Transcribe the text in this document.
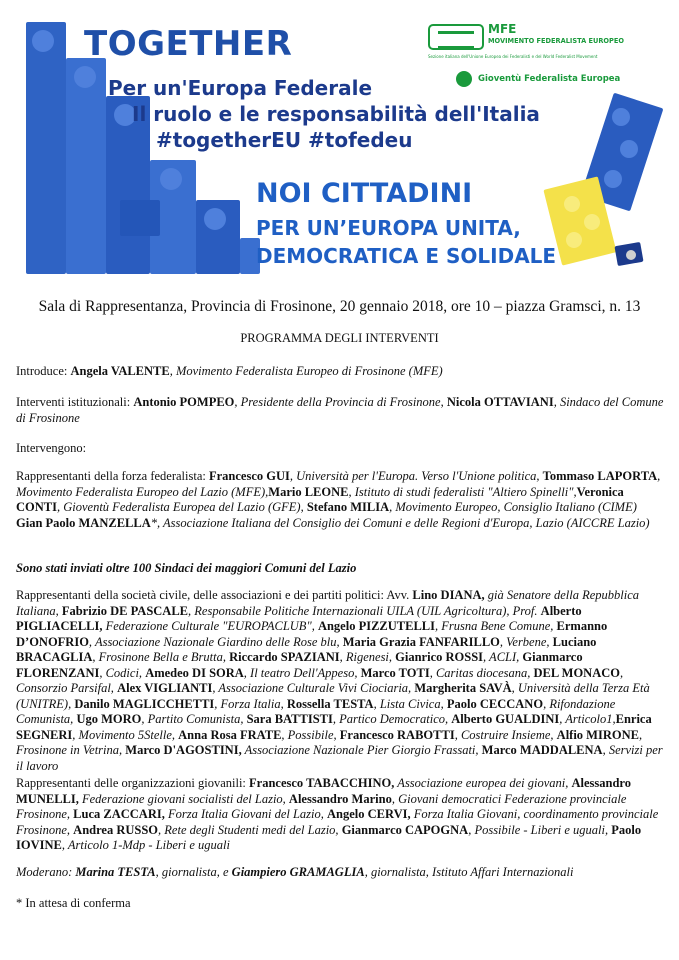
TOGETHER
Per un'Europa Federale
Il ruolo e le responsabilità dell'Italia
#togetherEU #tofedeu
NOI CITTADINI
PER UN’EUROPA UNITA,
DEMOCRATICA E SOLIDALE
MFE
MOVIMENTO FEDERALISTA EUROPEO
Sezione italiana dell'Unione Europea dei Federalisti e del World Federalist Movement
Gioventù Federalista Europea
Sala di Rappresentanza, Provincia di Frosinone, 20 gennaio 2018, ore 10 – piazza Gramsci, n. 13
PROGRAMMA DEGLI INTERVENTI
Introduce: Angela VALENTE, Movimento Federalista Europeo di Frosinone (MFE)
Interventi istituzionali: Antonio POMPEO, Presidente della Provincia di Frosinone, Nicola OTTAVIANI, Sindaco del Comune di Frosinone
Intervengono:
Rappresentanti della forza federalista: Francesco GUI, Università per l'Europa. Verso l'Unione politica, Tommaso LAPORTA, Movimento Federalista Europeo del Lazio (MFE),Mario LEONE, Istituto di studi federalisti "Altiero Spinelli",Veronica CONTI, Gioventù Federalista Europea del Lazio (GFE), Stefano MILIA, Movimento Europeo, Consiglio Italiano (CIME) Gian Paolo MANZELLA*, Associazione Italiana del Consiglio dei Comuni e delle Regioni d'Europa, Lazio (AICCRE Lazio)
Sono stati inviati oltre 100 Sindaci dei maggiori Comuni del Lazio
Rappresentanti della società civile, delle associazioni e dei partiti politici: Avv. Lino DIANA, già Senatore della Repubblica Italiana, Fabrizio DE PASCALE, Responsabile Politiche Internazionali UILA (UIL Agricoltura), Prof. Alberto PIGLIACELLI, Federazione Culturale "EUROPACLUB", Angelo PIZZUTELLI, Frusna Bene Comune, Ermanno D’ONOFRIO, Associazione Nazionale Giardino delle Rose blu, Maria Grazia FANFARILLO, Verbene, Luciano BRACAGLIA, Frosinone Bella e Brutta, Riccardo SPAZIANI, Rigenesi, Gianrico ROSSI, ACLI, Gianmarco FLORENZANI, Codici, Amedeo DI SORA, Il teatro Dell'Appeso, Marco TOTI, Caritas diocesana, DEL MONACO, Consorzio Parsifal, Alex VIGLIANTI, Associazione Culturale Vivi Ciociaria, Margherita SAVÀ, Università della Terza Età (UNITRE), Danilo MAGLICCHETTI, Forza Italia, Rossella TESTA, Lista Civica, Paolo CECCANO, Rifondazione Comunista, Ugo MORO, Partito Comunista, Sara BATTISTI, Partico Democratico, Alberto GUALDINI, Articolo1,Enrica SEGNERI, Movimento 5Stelle, Anna Rosa FRATE, Possibile, Francesco RABOTTI, Costruire Insieme, Alfio MIRONE, Frosinone in Vetrina, Marco D'AGOSTINI, Associazione Nazionale Pier Giorgio Frassati, Marco MADDALENA, Servizi per il lavoro
Rappresentanti delle organizzazioni giovanili: Francesco TABACCHINO, Associazione europea dei giovani, Alessandro MUNELLI, Federazione giovani socialisti del Lazio, Alessandro Marino, Giovani democratici Federazione provinciale Frosinone, Luca ZACCARI, Forza Italia Giovani del Lazio, Angelo CERVI, Forza Italia Giovani, coordinamento provinciale Frosinone, Andrea RUSSO, Rete degli Studenti medi del Lazio, Gianmarco CAPOGNA, Possibile - Liberi e uguali, Paolo IOVINE, Articolo 1-Mdp - Liberi e uguali
Moderano: Marina TESTA, giornalista, e Giampiero GRAMAGLIA, giornalista, Istituto Affari Internazionali
* In attesa di conferma
